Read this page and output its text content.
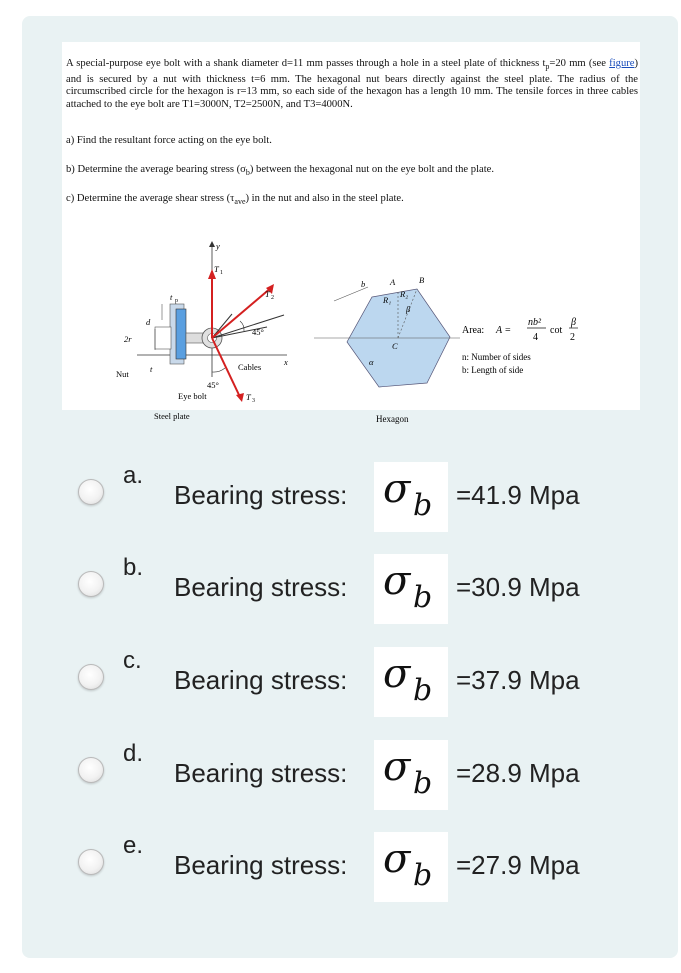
A special-purpose eye bolt with a shank diameter d=11 mm passes through a hole in a steel plate of thickness $t_p=20$ mm (see figure) and is secured by a nut with thickness t=6 mm. The hexagonal nut bears directly against the steel plate. The radius of the circumscribed circle for the hexagon is r=13 mm, so each side of the hexagon has a length 10 mm. The tensile forces in three cables attached to the eye bolt are T1=3000N, T2=2500N, and T3=4000N.
a) Find the resultant force acting on the eye bolt.
b) Determine the average bearing stress $(\sigma_b)$ between the hexagonal nut on the eye bolt and the plate.
c) Determine the average shear stress $(\tau_{ave})$ in the nut and also in the steel plate.
y
x
T 1
T 2
T 3
45°
45°
Cables
t p
d
2r
t
Nut
Eye bolt
Steel plate
b	A	B
R₁
R₂
β
C
α
Hexagon
Area: A =
nb²
4
cot
β
2
n: Number of sides
b: Length of side
a.
Bearing stress: σ b =41.9 Mpa
b.
Bearing stress: σ b =30.9 Mpa
c.
Bearing stress: σ b =37.9 Mpa
d.
Bearing stress: σ b =28.9 Mpa
e.
Bearing stress: σ b =27.9 Mpa
